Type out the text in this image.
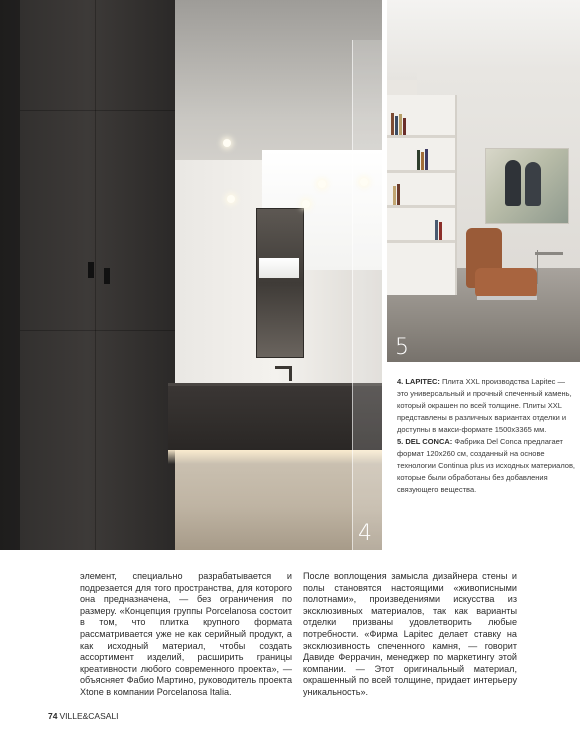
4
5

4. LAPITEC: Плита XXL производства Lapitec — это универсальный и прочный спеченный камень, который окрашен по всей толщине. Плиты XXL представлены в различных вариантах отделки и доступны в макси-формате 1500x3365 мм.

5. DEL CONCA: Фабрика Del Conca предлагает формат 120x260 см, созданный на основе технологии Continua plus из исходных материалов, которые были обработаны без добавления связующего вещества.

элемент, специально разрабатывается и подрезается для того пространства, для которого она предназначена, — без ограничения по размеру. «Концепция группы Porcelanosa состоит в том, что плитка крупного формата рассматривается уже не как серийный продукт, а как исходный материал, чтобы создать ассортимент изделий, расширить границы креативности любого современного проекта», — объясняет Фабио Мартино, руководитель проекта Xtone в компании Porcelanosa Italia.
После воплощения замысла дизайнера стены и полы становятся настоящими «живописными полотнами», произведениями искусства из эксклюзивных материалов, так как варианты отделки призваны удовлетворить любые потребности. «Фирма Lapitec делает ставку на эксклюзивность спеченного камня, — говорит Давиде Феррачин, менеджер по маркетингу этой компании. — Этот оригинальный материал, окрашенный по всей толщине, придает интерьеру уникальность».
74 VILLE&CASALI
